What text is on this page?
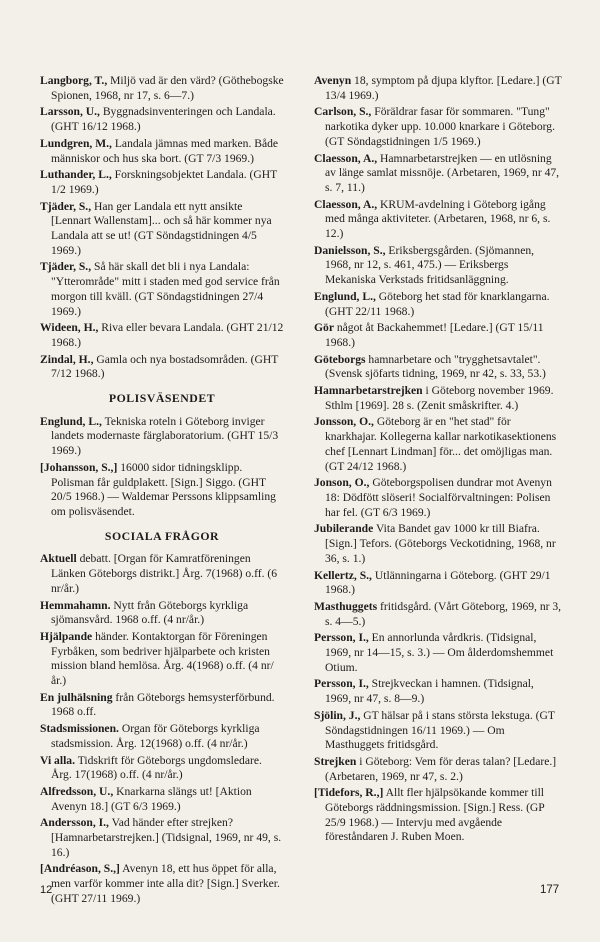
Langborg, T., Miljö vad är den värd? (Göthebogske Spionen, 1968, nr 17, s. 6—7.)
Larsson, U., Byggnadsinventeringen och Landala. (GHT 16/12 1968.)
Lundgren, M., Landala jämnas med marken. Både människor och hus ska bort. (GT 7/3 1969.)
Luthander, L., Forskningsobjektet Landala. (GHT 1/2 1969.)
Tjäder, S., Han ger Landala ett nytt ansikte [Lennart Wallenstam]... och så här kommer nya Landala att se ut! (GT Söndagstidningen 4/5 1969.)
Tjäder, S., Så här skall det bli i nya Landala: "Ytterområde" mitt i staden med god service från morgon till kväll. (GT Söndagstidningen 27/4 1969.)
Wideen, H., Riva eller bevara Landala. (GHT 21/12 1968.)
Zindal, H., Gamla och nya bostadsområden. (GHT 7/12 1968.)
POLISVÄSENDET
Englund, L., Tekniska roteln i Göteborg inviger landets modernaste färglaboratorium. (GHT 15/3 1969.)
[Johansson, S.,] 16000 sidor tidningsklipp. Polisman får guldplakett. [Sign.] Siggo. (GHT 20/5 1968.) — Waldemar Perssons klippsamling om polisväsendet.
SOCIALA FRÅGOR
Aktuell debatt. [Organ för Kamratföreningen Länken Göteborgs distrikt.] Årg. 7(1968) o.ff. (6 nr/år.)
Hemmahamn. Nytt från Göteborgs kyrkliga sjömansvård. 1968 o.ff. (4 nr/år.)
Hjälpande händer. Kontaktorgan för Föreningen Fyrbåken, som bedriver hjälparbete och kristen mission bland hemlösa. Årg. 4(1968) o.ff. (4 nr/år.)
En julhälsning från Göteborgs hemsysterförbund. 1968 o.ff.
Stadsmissionen. Organ för Göteborgs kyrkliga stadsmission. Årg. 12(1968) o.ff. (4 nr/år.)
Vi alla. Tidskrift för Göteborgs ungdomsledare. Årg. 17(1968) o.ff. (4 nr/år.)
Alfredsson, U., Knarkarna slängs ut! [Aktion Avenyn 18.] (GT 6/3 1969.)
Andersson, I., Vad händer efter strejken? [Hamnarbetarstrejken.] (Tidsignal, 1969, nr 49, s. 16.)
[Andréason, S.,] Avenyn 18, ett hus öppet för alla, men varför kommer inte alla dit? [Sign.] Sverker. (GHT 27/11 1969.)
Avenyn 18, symptom på djupa klyftor. [Ledare.] (GT 13/4 1969.)
Carlson, S., Föräldrar fasar för sommaren. "Tung" narkotika dyker upp. 10.000 knarkare i Göteborg. (GT Söndagstidningen 1/5 1969.)
Claesson, A., Hamnarbetarstrejken — en utlösning av länge samlat missnöje. (Arbetaren, 1969, nr 47, s. 7, 11.)
Claesson, A., KRUM-avdelning i Göteborg igång med många aktiviteter. (Arbetaren, 1968, nr 6, s. 12.)
Danielsson, S., Eriksbergsgården. (Sjömannen, 1968, nr 12, s. 461, 475.) — Eriksbergs Mekaniska Verkstads fritidsanläggning.
Englund, L., Göteborg het stad för knarklangarna. (GHT 22/11 1968.)
Gör något åt Backahemmet! [Ledare.] (GT 15/11 1968.)
Göteborgs hamnarbetare och "trygghetsavtalet". (Svensk sjöfarts tidning, 1969, nr 42, s. 33, 53.)
Hamnarbetarstrejken i Göteborg november 1969. Sthlm [1969]. 28 s. (Zenit småskrifter. 4.)
Jonsson, O., Göteborg är en "het stad" för knarkhajar. Kollegerna kallar narkotikasektionens chef [Lennart Lindman] för... det omöjligas man. (GT 24/12 1968.)
Jonson, O., Göteborgspolisen dundrar mot Avenyn 18: Dödfött slöseri! Socialförvaltningen: Polisen har fel. (GT 6/3 1969.)
Jubilerande Vita Bandet gav 1000 kr till Biafra. [Sign.] Tefors. (Göteborgs Veckotidning, 1968, nr 36, s. 1.)
Kellertz, S., Utlänningarna i Göteborg. (GHT 29/1 1968.)
Masthuggets fritidsgård. (Vårt Göteborg, 1969, nr 3, s. 4—5.)
Persson, I., En annorlunda vårdkris. (Tidsignal, 1969, nr 14—15, s. 3.) — Om ålderdomshemmet Otium.
Persson, I., Strejkveckan i hamnen. (Tidsignal, 1969, nr 47, s. 8—9.)
Sjölin, J., GT hälsar på i stans största lekstuga. (GT Söndagstidningen 16/11 1969.) — Om Masthuggets fritidsgård.
Strejken i Göteborg: Vem för deras talan? [Ledare.] (Arbetaren, 1969, nr 47, s. 2.)
[Tidefors, R.,] Allt fler hjälpsökande kommer till Göteborgs räddningsmission. [Sign.] Ress. (GP 25/9 1968.) — Intervju med avgående föreståndaren J. Ruben Moen.
12	177
